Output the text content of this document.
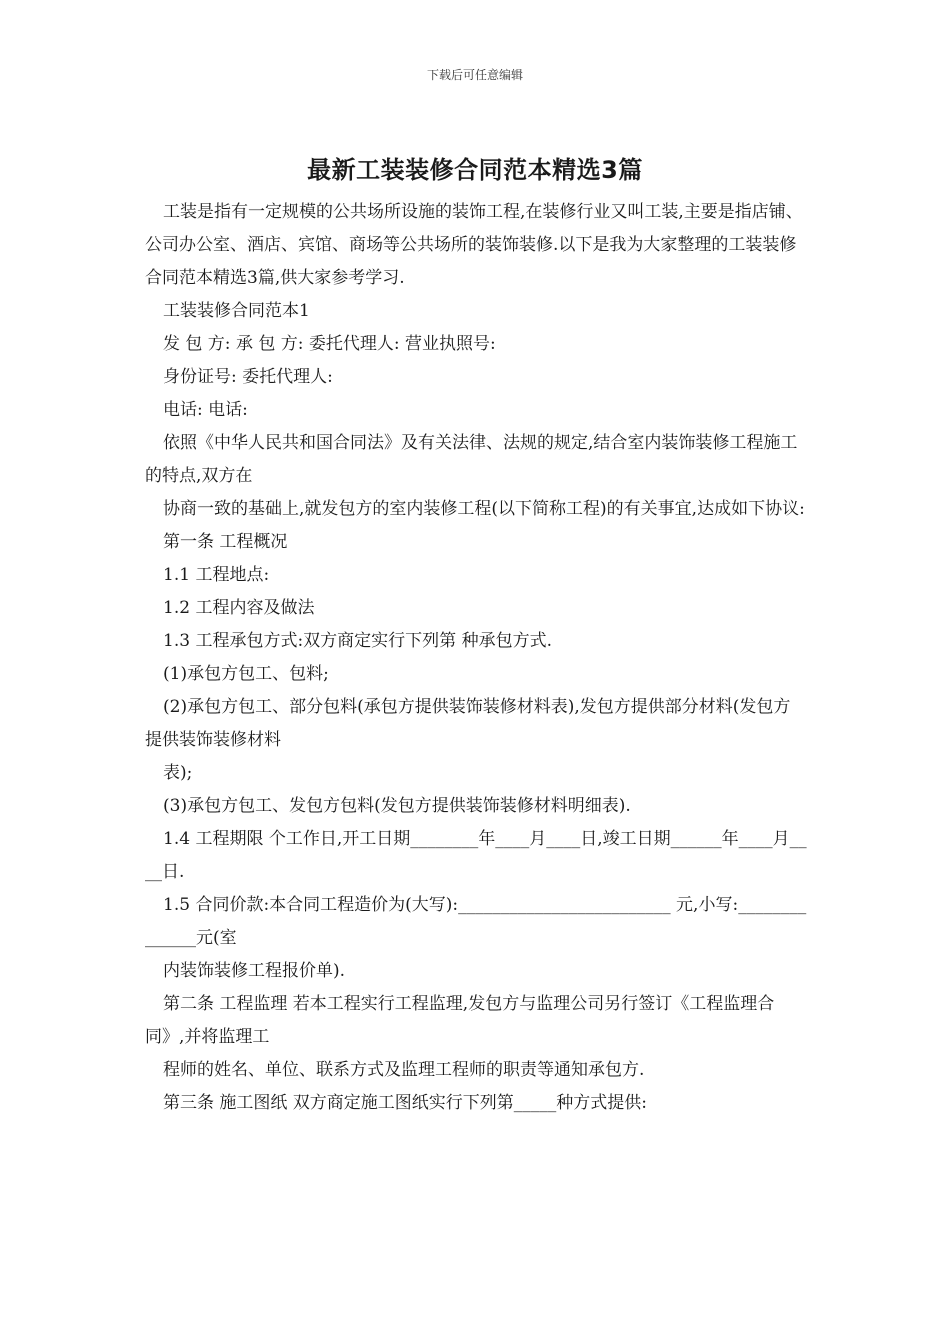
下载后可任意编辑
最新工装装修合同范本精选3篇

工装是指有一定规模的公共场所设施的装饰工程,在装修行业又叫工装,主要是指店铺、公司办公室、酒店、宾馆、商场等公共场所的装饰装修.以下是我为大家整理的工装装修合同范本精选3篇,供大家参考学习.

工装装修合同范本1

发 包 方: 承 包 方: 委托代理人: 营业执照号:

身份证号: 委托代理人:

电话: 电话:

依照《中华人民共和国合同法》及有关法律、法规的规定,结合室内装饰装修工程施工的特点,双方在

协商一致的基础上,就发包方的室内装修工程(以下简称工程)的有关事宜,达成如下协议:

第一条 工程概况

1.1 工程地点:

1.2 工程内容及做法

1.3 工程承包方式:双方商定实行下列第 种承包方式.

(1)承包方包工、包料;

(2)承包方包工、部分包料(承包方提供装饰装修材料表),发包方提供部分材料(发包方提供装饰装修材料

表);

(3)承包方包工、发包方包料(发包方提供装饰装修材料明细表).

1.4 工程期限 个工作日,开工日期________年____月____日,竣工日期______年____月____日.

1.5 合同价款:本合同工程造价为(大写):_________________________ 元,小写:______________元(室

内装饰装修工程报价单).

第二条 工程监理 若本工程实行工程监理,发包方与监理公司另行签订《工程监理合同》,并将监理工

程师的姓名、单位、联系方式及监理工程师的职责等通知承包方.

第三条 施工图纸 双方商定施工图纸实行下列第_____种方式提供:
